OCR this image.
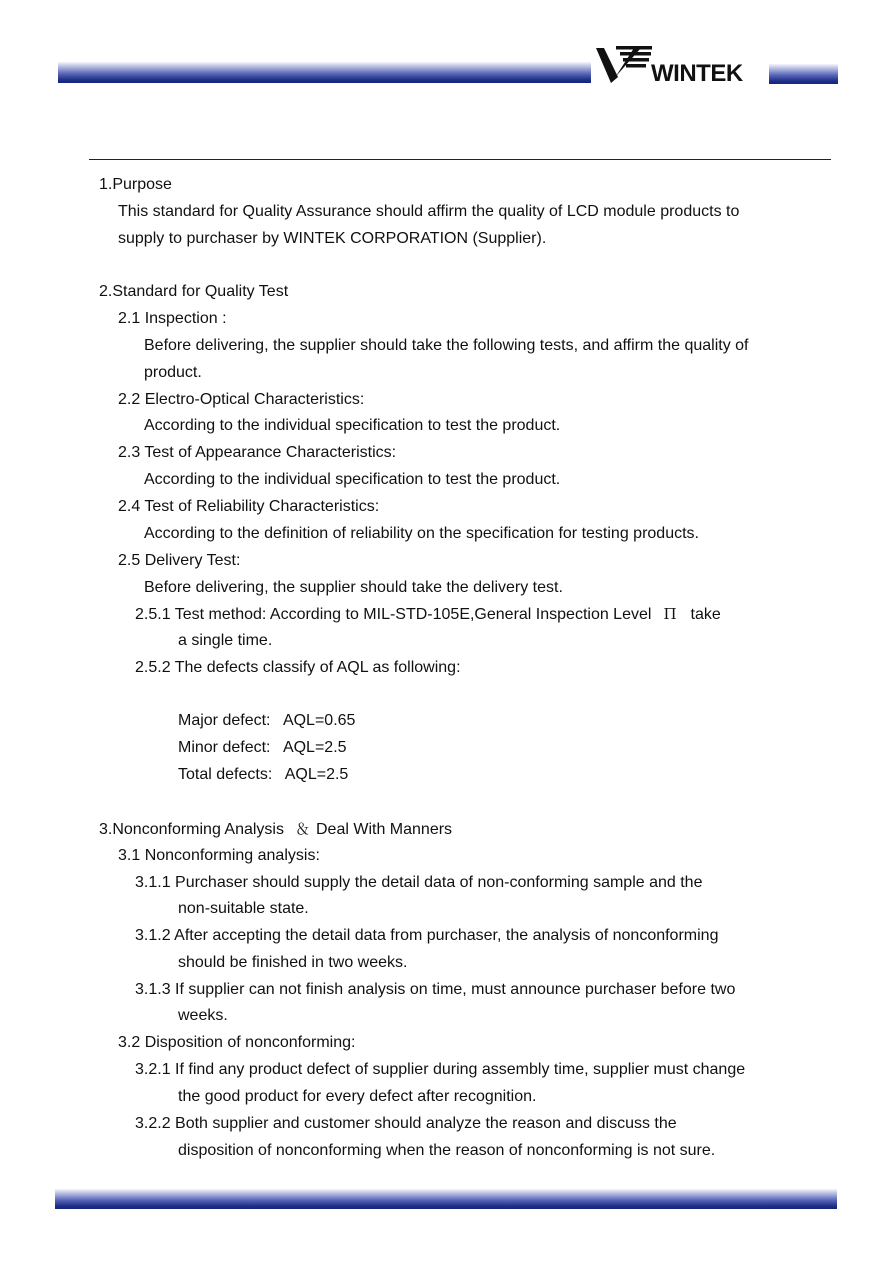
WINTEK
1.Purpose
This standard for Quality Assurance should affirm the quality of LCD module products to
supply to purchaser by WINTEK CORPORATION (Supplier).
2.Standard for Quality Test
2.1 Inspection :
Before delivering, the supplier should take the following tests, and affirm the quality of
product.
2.2 Electro-Optical Characteristics:
According to the individual specification to test the product.
2.3 Test of Appearance Characteristics:
According to the individual specification to test the product.
2.4 Test of Reliability Characteristics:
According to the definition of reliability on the specification for testing products.
2.5 Delivery Test:
Before delivering, the supplier should take the delivery test.
2.5.1 Test method: According to MIL-STD-105E,General Inspection Level Π take
a single time.
2.5.2 The defects classify of AQL as following:
Major defect:   AQL=0.65
Minor defect:   AQL=2.5
Total defects:   AQL=2.5
3.Nonconforming Analysis ＆ Deal With Manners
3.1 Nonconforming analysis:
3.1.1 Purchaser should supply the detail data of non-conforming sample and the
non-suitable state.
3.1.2 After accepting the detail data from purchaser, the analysis of nonconforming
should be finished in two weeks.
3.1.3 If supplier can not finish analysis on time, must announce purchaser before two
weeks.
3.2 Disposition of nonconforming:
3.2.1 If find any product defect of supplier during assembly time, supplier must change
the good product for every defect after recognition.
3.2.2 Both supplier and customer should analyze the reason and discuss the
disposition of nonconforming when the reason of nonconforming is not sure.
